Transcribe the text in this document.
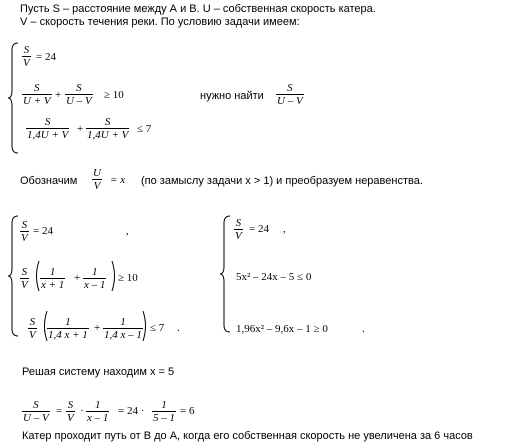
Пусть S – расстояние между А и В. U – собственная скорость катера.
V – скорость течения реки. По условию задачи имеем:
$\frac{S}{V} = 24$
$\frac{S}{U + V} + \frac{S}{U - V} \ge 10$
$\frac{S}{1,4U + V} + \frac{S}{1,4U + V} \le 7$
нужно найти $\frac{S}{U - V}$
Обозначим $\frac{U}{V} = x$ (по замыслу задачи x > 1) и преобразуем неравенства.
$\frac{S}{V} = 24$	,
$\frac{S}{V} \frac{1}{x + 1} + \frac{1}{x - 1} \ge 10$
$\frac{S}{V} \frac{1}{1,4 x + 1} + \frac{1}{1,4 x - 1} \le 7$ .
$\frac{S}{V} = 24$ ,
5x² – 24x – 5 ≤ 0
1,96x² – 9,6x – 1 ≥ 0	.
Решая систему находим x = 5
$\frac{S}{U - V} = \frac{S}{V} \cdot \frac{1}{x - 1} = 24 \cdot \frac{1}{5 - 1} = 6$
Катер проходит путь от В до А, когда его собственная скорость не увеличена за 6 часов
